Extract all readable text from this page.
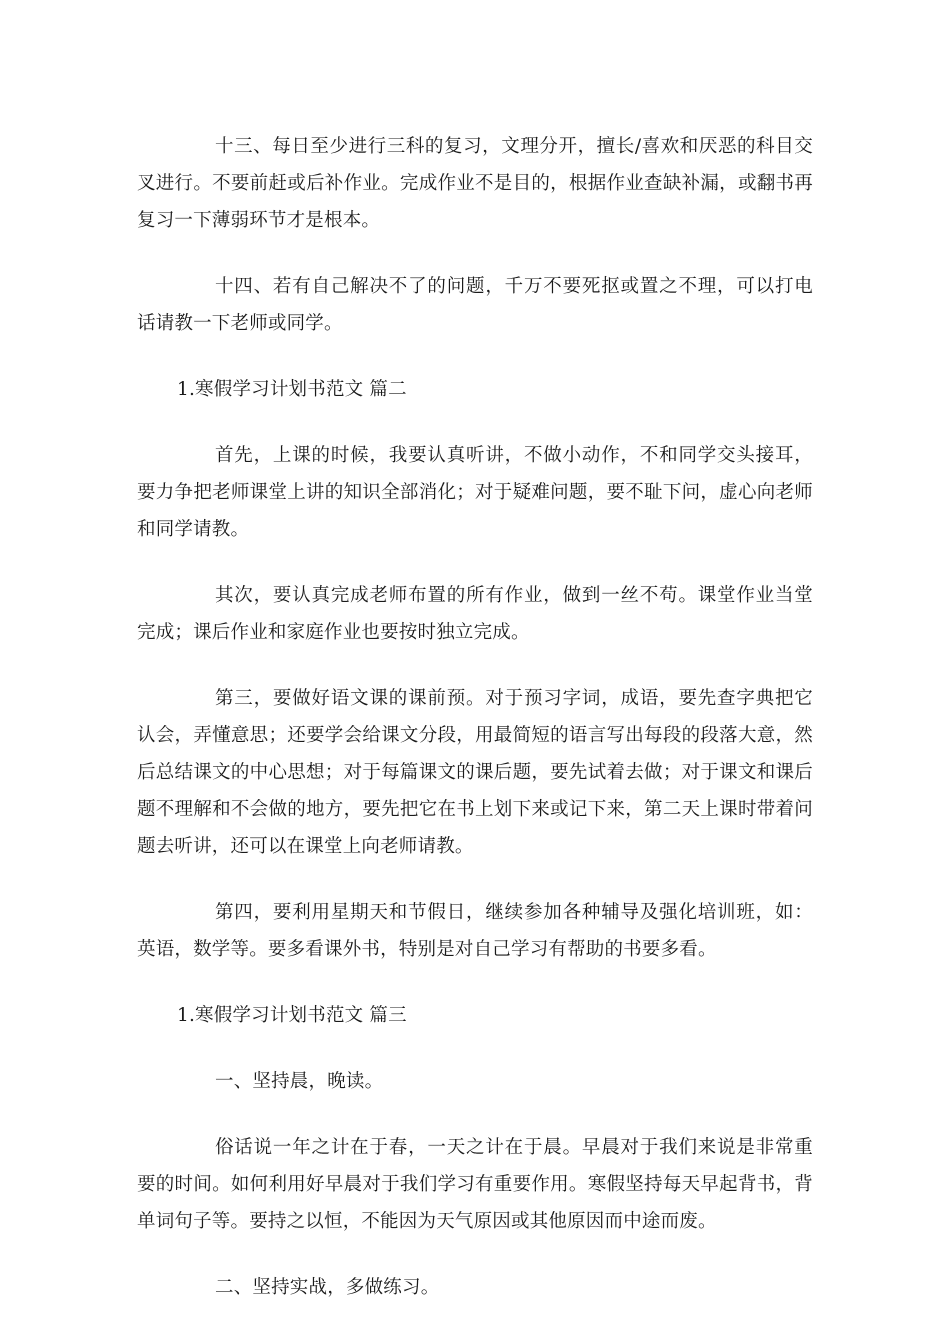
十三、每日至少进行三科的复习，文理分开，擅长/喜欢和厌恶的科目交叉进行。不要前赶或后补作业。完成作业不是目的，根据作业查缺补漏，或翻书再复习一下薄弱环节才是根本。

十四、若有自己解决不了的问题，千万不要死抠或置之不理，可以打电话请教一下老师或同学。

1.寒假学习计划书范文 篇二

首先，上课的时候，我要认真听讲，不做小动作，不和同学交头接耳，要力争把老师课堂上讲的知识全部消化；对于疑难问题，要不耻下问，虚心向老师和同学请教。

其次，要认真完成老师布置的所有作业，做到一丝不苟。课堂作业当堂完成；课后作业和家庭作业也要按时独立完成。

第三，要做好语文课的课前预。对于预习字词，成语，要先查字典把它认会，弄懂意思；还要学会给课文分段，用最简短的语言写出每段的段落大意，然后总结课文的中心思想；对于每篇课文的课后题，要先试着去做；对于课文和课后题不理解和不会做的地方，要先把它在书上划下来或记下来，第二天上课时带着问题去听讲，还可以在课堂上向老师请教。

第四，要利用星期天和节假日，继续参加各种辅导及强化培训班，如：英语，数学等。要多看课外书，特别是对自己学习有帮助的书要多看。

1.寒假学习计划书范文 篇三

一、坚持晨，晚读。

俗话说一年之计在于春，一天之计在于晨。早晨对于我们来说是非常重要的时间。如何利用好早晨对于我们学习有重要作用。寒假坚持每天早起背书，背单词句子等。要持之以恒，不能因为天气原因或其他原因而中途而废。

二、坚持实战，多做练习。
